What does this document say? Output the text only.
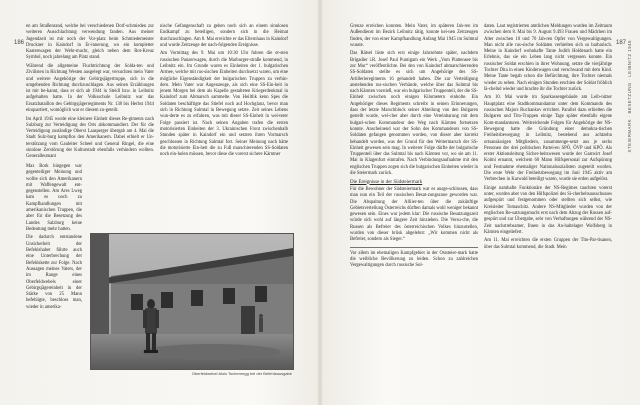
186

en am Straßenrand, welche bei verschiedenen Dorf-schmieden zur weiteren Ausschlachtung verwendung fanden. Aus meiner Jugendzeit ist mir noch der Vor-platz beim Schmiedemeister Druckner in Kaindorf in Er-innerung, wo ein kompletter Kastenwagen der Wehr-macht, gleich neben dem Rot-Kreuz Symbol, noch jahrelang am Platz stand.

Während die allgemeine Fluchtrichtung der Solda-ten und Zivilisten in Richtung Westen ausgelegt war, versuchten mein Vater und weitere Angehörige der Gebirgsjägertruppe, sich in die umgebenden Richtung durchzuschlagen. Aus seinen Erzählungen ist mir be-kannt, dass er sich ab 1944 in Steidl bzw. in Leibnitz aufgehalten hatte. In der Volksschule Leibnitz war das Ersatzbataillon des Gebirgsjägerregiments Nr. 138 bis Herbst 1944 einquartiert, womöglich war er diesem zu-geteilt.

Im April 1945 wurde eine kleinere Einheit dieses Re-giments nach Sulzburg zur Verteidigung des Orts abkommandiert. Der für die Verteidigung zuständige Oberst Laasperger übergab am 4. Mai die Stadt Sulz-burg kampflos den Amerikanern. Dabei erhielt er Un-terstützung vom Gauleiter Scheel und General Ringel, die eine sinnlose Zerstörung der Kulturstadt ebenfalls verhindern wollten. Generalleutnant

Max Bork hingegen war gegenteiliger Meinung und wollte sich den Amerikanern mit Waffengewalt ent-gegenstellen. Am Ares Lweg kam es noch zu Kampfhandlungen mit amerikanischen Truppen, die aber für die Besetzung des Landes Salzburg keine Bedeutung mehr hatten.

Die dadurch entstandene Unsicherheit der Befehlshaber führte auch eine Unterbrechung der Befehlskette zur Folge. Nach Aussagen meines Vaters, der im Range eines Oberfeldwebels einer Gebirgsjägereinheit in der Stärke von 25 Mann befehligte, beschloss man, wieder in amerika-

nische Gefangenschaft zu gehen noch sich an einem sinnlosen Endkampf zu beteiligen, sondern sich in die Heimat durchzuschlagen. Am 8. Mai erreichte er das Elternhaus in Kaindorf und wurde Zeitzeuge der nach-folgenden Ereignisse.

Am Vormittag des 9. Mai um 10:30 Uhr fuhren die er-sten russischen Panzerwagen, durch die Marburger-straße kommend, in Leibnitz ein. Im Grunde waren es Einheiten der 1. bulgarischen Armee, welche mit rus-sischen Einheiten durchsetzt waren, um eine mögliche Eigenständigkeit der bulgarischen Truppen zu verhin-dern. Mein Vater war Augenzeuge, als sich eine SS-Ein-heit in jenem Morgen bei dem als Kapelle gestalteten Kriegerdenkmal in Kaindorf zum Abmarsch sammelte. Von Heiltlik kenn Spes die Soldaten beschäftigte das Stiefel noch auf Hochglanz, bevor man sich in Richtung Sulmtal in Bewegung setzte. Zeit seines Lebens wun-derte es zu erfahren, was mit dieser SS-Einheit in wei-terer Folge passiert ist. Nach seinen Angaben trafen die ersten motorisierten Einheiten der 3. Ukrainischen Front zwischenhalb Stunden später in Kaindorf ein und setzten ihren Vormarsch geschlossen in Richtung Sulmtal fort. Seiner Meinung nach hätte die motorisierte Ein-heit die zu Fuß marschierenden SS-Soldaten noch ein-holen müssen, bevor diese die vorerst sichere Kärntner

Oberfeldwebel Alois Tschernegg bei der Befehlsausgabe
187 STEIERMARK · BESETZUNG · LEIBNITZ 1945

Grenze erreichen konnten. Mein Vater, im späteren Jah-ren im Außendienst im Bezirk Leibnitz tätig, konnte kei-nen Zeitzeugen finden, der von einer Kampfhandlung Anfang Mai 1945 im Sulmtal wusste.

Das Rätsel lüste sich erst einige Jahrzehnte später, nachdem Brigadier i.R. Josef Paul Puntigam ein Werk „Vom Plattensee bis zur Mur“ veröffentlichte. Bei den von Kaindorf abmarschierenden SS-Soldaten stellte es sich um Angehörige des SS-Artillerieregiments 16 gehandelt haben. Die zur Verteidigung anstehenden rus-sischen Verbände, welche über das Sulmtal bis nach Kärnten vorstieß, war ein bulgarischer Truppenteil, der die SS-Einheit zwischen noch einigen Kilometern einholte. Ein Angehöriger dieses Regiments schreibt in seinen Erinnerungen, dass der letzte Marschblock seiner Abteilung von den Bulgaren gestellt wurde, wel-cher aber durch eine Vereinbarung mit dem bulgari-schen Kommandeur den Weg nach Kärnten fortsetzen konnte. Anscheinend war der Sohn des Kommandeurs von SS-Soldaten gefangen genommen worden, von dieser aber korrekt behandelt worden, was der Grund für den Weitermarsch der SS-Einheit gewesen sein mag. In weiterer Folge dürfte der bulgarische Truppenteil über das Sulmtal bis nach Kärnten vor, wo sie am 11. Mai in Klagenfurt eintrafen. Nach Verbindungsaufnahme mit den englischen Truppen zogen sich die bulgarischen Einheiten wieder in die Steiermark zurück.

Die Ereignisse in der Südsteiermark

Für die Bewohner der Südsteiermark war es ausge-schlossen, dass man nun ein Teil der russischen Besat-zungszone geworden war. Die Abspaltung der Alliier-ten über die zukünftige Gebietsverteilung Österreichs dürften damals wohl weniger bekannt gewesen sein. Eines war jedem klar: Die russische Besatzungszeit würde sich wohl auf längere Zeit hinziehen. Die Versu-che, die Russen als Befreier des österreichischen Volkes hinzustellen, wurden von dieser briisk abgelehnt: „Wir kommen nicht als Befreier, sondern als Sieger.“

Vor allem im ehemaligen Kampfgebiet in der Oststeier-mark hatte die weibliche Bevölkerung zu leiden. Schon zu zahlreichen Vergewaltigungen durch russische Sol-

daten. Laut registrierten amtlichen Meldungen wurden im Zeitraum zwischen dem 8. Mai bis 9. August 9.493 Frauen und Mädchen im Alter zwischen 10 und 70 Jah-ren Opfer von Vergewaltigungen. Man nicht alle rus-sische Soldaten verhielten sich so barbarisch. Meine in Kaindorf wohnhafte Tante Judith Holdenach hatte ein Erlebnis, das sie ein Leben lang nicht vergessen konnte. Ein russischer Soldat erschien in ihrer Wohnung, setzte die vierjährige Tochter Dita in einen Kinderwagen und verschwand mit dem Kind. Meine Tante begab schon die Befürchtung, ihre Tochter niemals wieder zu sehen. Nach einigen Stunden erschien der Soldat fröhlich lä-chelnd wieder und brachte ihr die Tochter zurück.

Am 10. Mai wurde im Sparkassengebäude am Leib-nitzer Hauptplatz eine Stadtkommandantur unter dem Kommando des russischen Majors Ruchankov errichtet. Parallel dazu erhielten die Bulgaren und Tito-Truppen einige Tage später ebenfalls eigene Kom-mandanturen. Weitreichende Folgen für Angehörige der NS-Bewegung hatte die Gründung einer demokra-tischen Freiheitsbewegung in Leibnitz, bestehend aus achtzehn ortsansässigen Mitgliedern, zusammenge-setzt aus je sechs Personen der drei politischen Partei-en SPÖ, ÖVP und KPÖ. Als erster Aktionsleitung Sicher-heitswesen wurde der Gastwirt Josef Kolmi ernannt, welchem 60 Mann Hilfspersonal zur Aufspürung und Festnahme ehemaliger Nationalsozialisten zugeteilt wurden. Die erste Wehr der Freiheitsbewegung im Juni 1945 aktiv am Verbrechen in Karwald beteiligt waren, wurde sie erden aufgelöst.

Einige namhafte Funktionäre der NS-Regimes tauchten vorerst unter, wurden aber von den Hilfspolizei des Si-cherheitsausschusses aufgespürt und festgenommen oder stellten sich selbst, wie Kreisleiter Tomaschitz. Andere NS-Mitglieder wurden von der englischen Be-satzungsmacht erst nach dem Abzug der Russen auf-gespürt und zur Übergabe, sehr von Verhaftungen während der NS-Zeit nachstrebsamer, Ihnen in das An-haltelager Wolfsberg in Kärnten eingeliefert.

Am 11. Mai erreichten die ersten Gruppen der Tito-Par-tisanen, über das Sulmtal kommend, die Stadt. Mein
